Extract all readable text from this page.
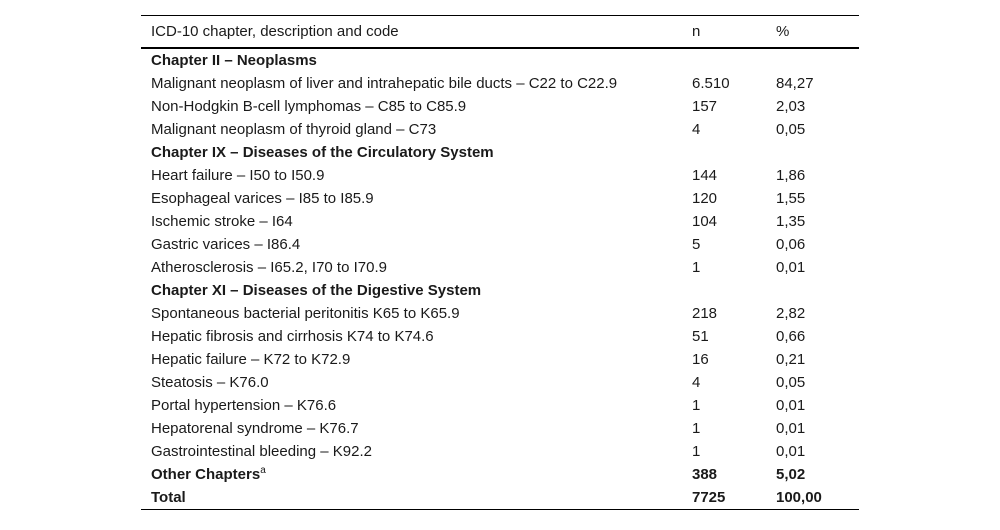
ICD-10 chapter, description and code	n	%
Chapter II – Neoplasms		
Malignant neoplasm of liver and intrahepatic bile ducts – C22 to C22.9	6.510	84,27
Non-Hodgkin B-cell lymphomas – C85 to C85.9	157	2,03
Malignant neoplasm of thyroid gland – C73	4	0,05
Chapter IX – Diseases of the Circulatory System		
Heart failure – I50 to I50.9	144	1,86
Esophageal varices – I85 to I85.9	120	1,55
Ischemic stroke – I64	104	1,35
Gastric varices – I86.4	5	0,06
Atherosclerosis – I65.2, I70 to I70.9	1	0,01
Chapter XI – Diseases of the Digestive System		
Spontaneous bacterial peritonitis K65 to K65.9	218	2,82
Hepatic fibrosis and cirrhosis K74 to K74.6	51	0,66
Hepatic failure – K72 to K72.9	16	0,21
Steatosis – K76.0	4	0,05
Portal hypertension – K76.6	1	0,01
Hepatorenal syndrome – K76.7	1	0,01
Gastrointestinal bleeding – K92.2	1	0,01
Other Chapters$^a$	388	5,02
Total	7725	100,00
